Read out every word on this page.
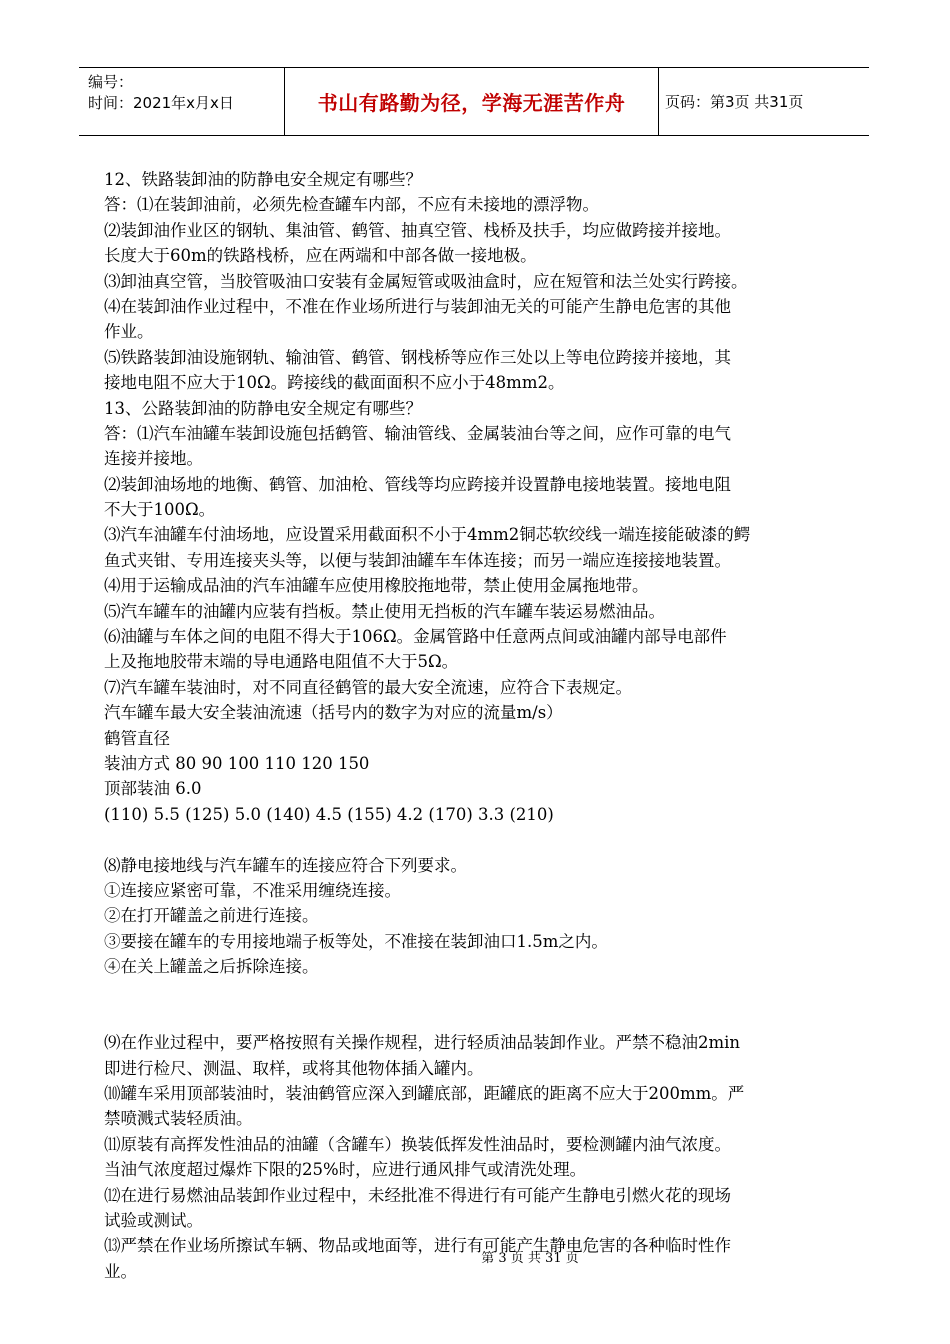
编号：
时间：2021年x月x日	书山有路勤为径，学海无涯苦作舟	页码：第3页 共31页
12、铁路装卸油的防静电安全规定有哪些？
答：⑴在装卸油前，必须先检查罐车内部，不应有未接地的漂浮物。
⑵装卸油作业区的钢轨、集油管、鹤管、抽真空管、栈桥及扶手，均应做跨接并接地。
长度大于60m的铁路栈桥，应在两端和中部各做一接地极。
⑶卸油真空管，当胶管吸油口安装有金属短管或吸油盒时，应在短管和法兰处实行跨接。
⑷在装卸油作业过程中，不准在作业场所进行与装卸油无关的可能产生静电危害的其他
作业。
⑸铁路装卸油设施钢轨、输油管、鹤管、钢栈桥等应作三处以上等电位跨接并接地，其
接地电阻不应大于10Ω。跨接线的截面面积不应小于48mm2。
13、公路装卸油的防静电安全规定有哪些？
答：⑴汽车油罐车装卸设施包括鹤管、输油管线、金属装油台等之间，应作可靠的电气
连接并接地。
⑵装卸油场地的地衡、鹤管、加油枪、管线等均应跨接并设置静电接地装置。接地电阻
不大于100Ω。
⑶汽车油罐车付油场地，应设置采用截面积不小于4mm2铜芯软绞线一端连接能破漆的鳄
鱼式夹钳、专用连接夹头等，以便与装卸油罐车车体连接；而另一端应连接接地装置。
⑷用于运输成品油的汽车油罐车应使用橡胶拖地带，禁止使用金属拖地带。
⑸汽车罐车的油罐内应装有挡板。禁止使用无挡板的汽车罐车装运易燃油品。
⑹油罐与车体之间的电阻不得大于106Ω。金属管路中任意两点间或油罐内部导电部件
上及拖地胶带末端的导电通路电阻值不大于5Ω。
⑺汽车罐车装油时，对不同直径鹤管的最大安全流速，应符合下表规定。
汽车罐车最大安全装油流速（括号内的数字为对应的流量m/s）
鹤管直径
装油方式 80 90 100 110 120 150
顶部装油 6.0
(110) 5.5 (125) 5.0 (140) 4.5 (155) 4.2 (170) 3.3 (210)
⑻静电接地线与汽车罐车的连接应符合下列要求。
①连接应紧密可靠，不准采用缠绕连接。
②在打开罐盖之前进行连接。
③要接在罐车的专用接地端子板等处，不准接在装卸油口1.5m之内。
④在关上罐盖之后拆除连接。
⑼在作业过程中，要严格按照有关操作规程，进行轻质油品装卸作业。严禁不稳油2min
即进行检尺、测温、取样，或将其他物体插入罐内。
⑽罐车采用顶部装油时，装油鹤管应深入到罐底部，距罐底的距离不应大于200mm。严
禁喷溅式装轻质油。
⑾原装有高挥发性油品的油罐（含罐车）换装低挥发性油品时，要检测罐内油气浓度。
当油气浓度超过爆炸下限的25%时，应进行通风排气或清洗处理。
⑿在进行易燃油品装卸作业过程中，未经批准不得进行有可能产生静电引燃火花的现场
试验或测试。
⒀严禁在作业场所擦试车辆、物品或地面等，进行有可能产生静电危害的各种临时性作
业。
第 3 页 共 31 页
